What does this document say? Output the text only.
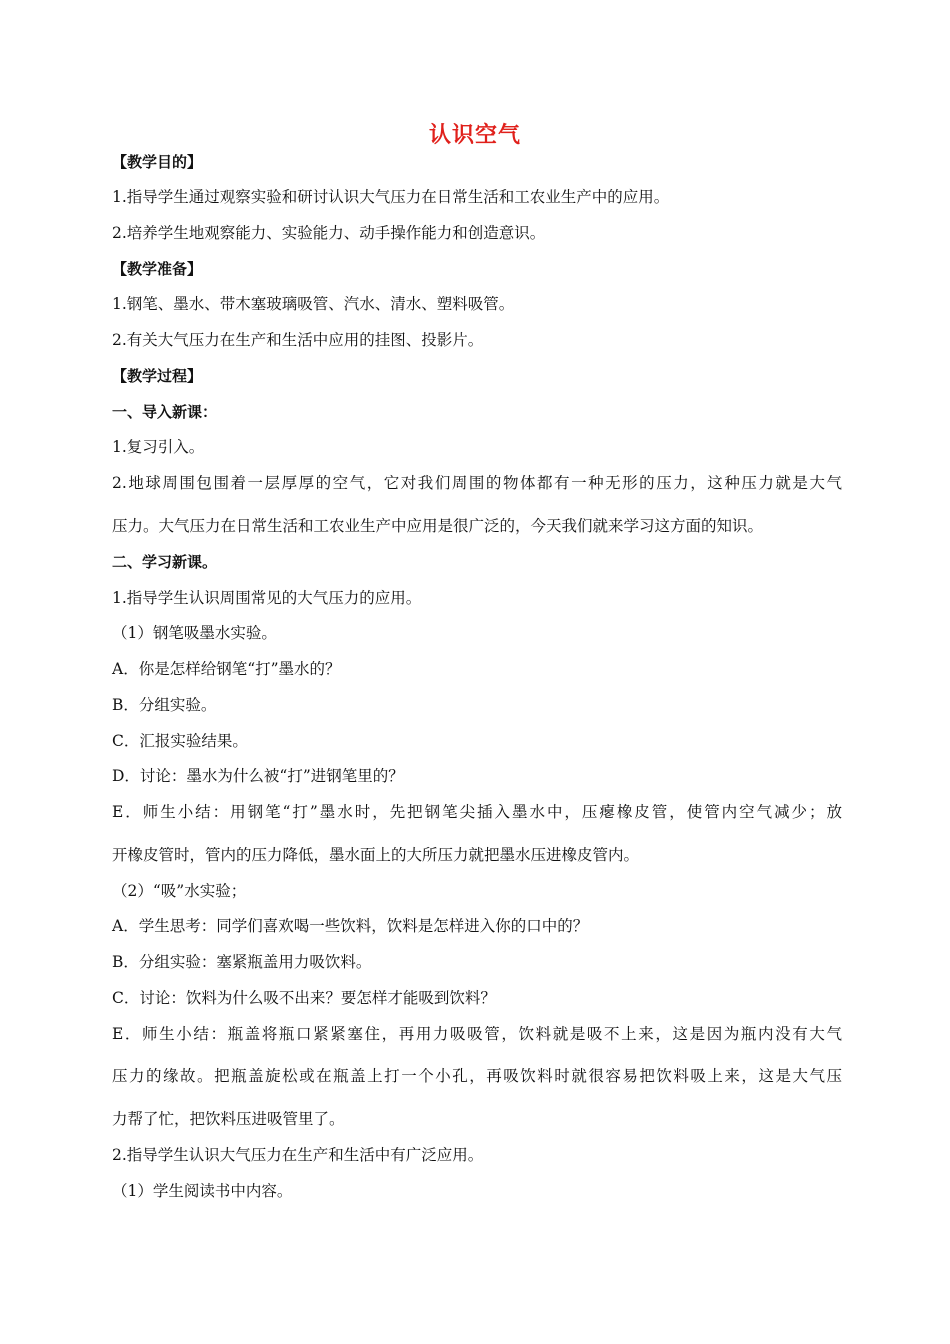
认识空气
【教学目的】
1.指导学生通过观察实验和研讨认识大气压力在日常生活和工农业生产中的应用。
2.培养学生地观察能力、实验能力、动手操作能力和创造意识。
【教学准备】
1.钢笔、墨水、带木塞玻璃吸管、汽水、清水、塑料吸管。
2.有关大气压力在生产和生活中应用的挂图、投影片。
【教学过程】
一、导入新课：
1.复习引入。
2.地球周围包围着一层厚厚的空气，它对我们周围的物体都有一种无形的压力，这种压力就是大气
压力。大气压力在日常生活和工农业生产中应用是很广泛的，今天我们就来学习这方面的知识。
二、学习新课。
1.指导学生认识周围常见的大气压力的应用。
（1）钢笔吸墨水实验。
A．你是怎样给钢笔“打”墨水的？
B．分组实验。
C．汇报实验结果。
D．讨论：墨水为什么被“打”进钢笔里的？
E．师生小结：用钢笔“打”墨水时，先把钢笔尖插入墨水中，压瘪橡皮管，使管内空气减少；放
开橡皮管时，管内的压力降低，墨水面上的大所压力就把墨水压进橡皮管内。
（2）“吸”水实验；
A．学生思考：同学们喜欢喝一些饮料，饮料是怎样进入你的口中的？
B．分组实验：塞紧瓶盖用力吸饮料。
C．讨论：饮料为什么吸不出来？要怎样才能吸到饮料？
E．师生小结：瓶盖将瓶口紧紧塞住，再用力吸吸管，饮料就是吸不上来，这是因为瓶内没有大气
压力的缘故。把瓶盖旋松或在瓶盖上打一个小孔，再吸饮料时就很容易把饮料吸上来，这是大气压
力帮了忙，把饮料压进吸管里了。
2.指导学生认识大气压力在生产和生活中有广泛应用。
（1）学生阅读书中内容。
